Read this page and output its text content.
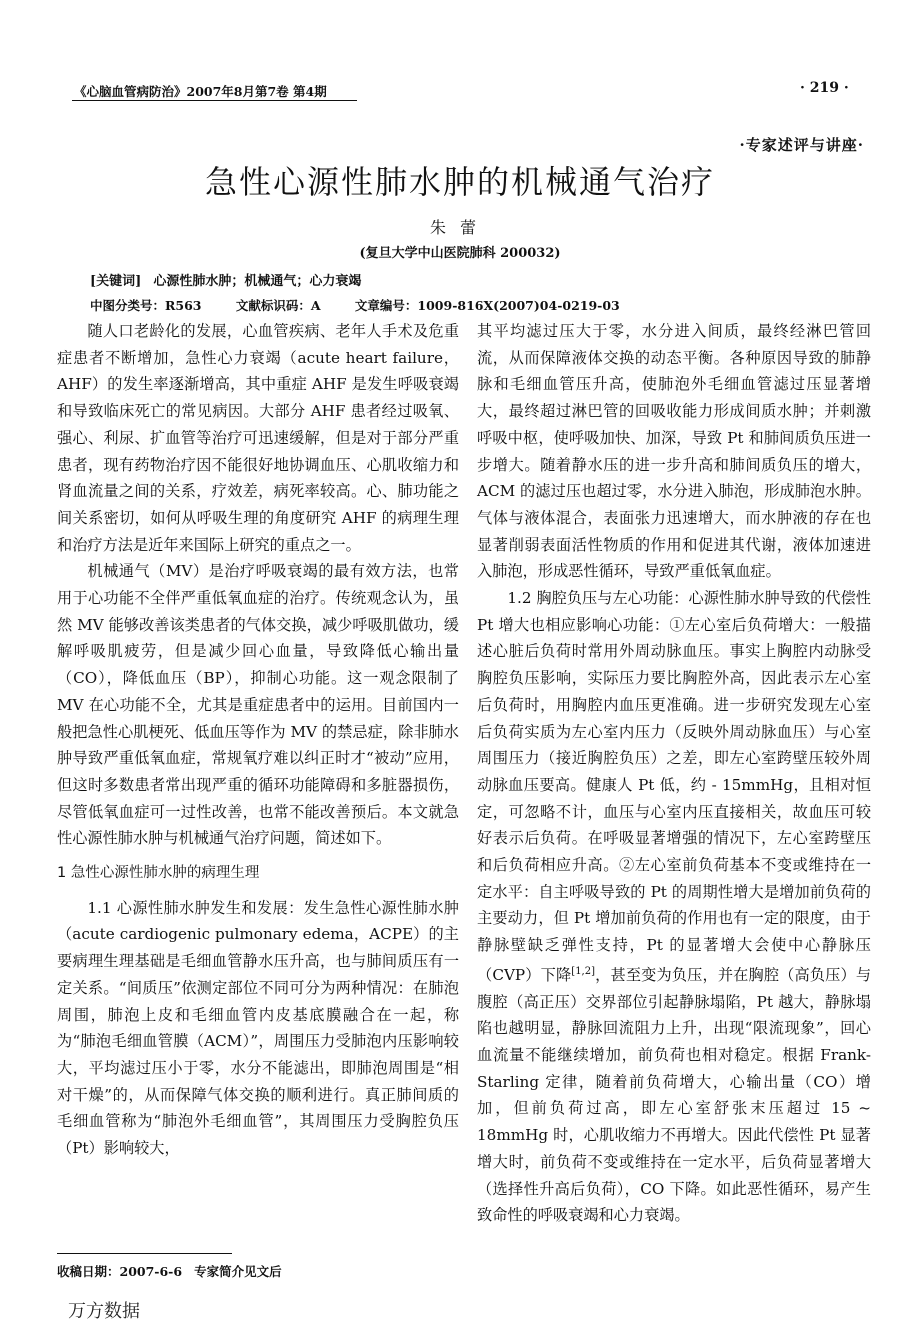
《心脑血管病防治》2007年8月第7卷 第4期	· 219 ·
·专家述评与讲座·
急性心源性肺水肿的机械通气治疗
朱蕾
(复旦大学中山医院肺科 200032)
[关键词] 心源性肺水肿；机械通气；心力衰竭
中图分类号：R563	文献标识码：A	文章编号：1009-816X(2007)04-0219-03

随人口老龄化的发展，心血管疾病、老年人手术及危重症患者不断增加，急性心力衰竭（acute heart failure，AHF）的发生率逐渐增高，其中重症 AHF 是发生呼吸衰竭和导致临床死亡的常见病因。大部分 AHF 患者经过吸氧、强心、利尿、扩血管等治疗可迅速缓解，但是对于部分严重患者，现有药物治疗因不能很好地协调血压、心肌收缩力和肾血流量之间的关系，疗效差，病死率较高。心、肺功能之间关系密切，如何从呼吸生理的角度研究 AHF 的病理生理和治疗方法是近年来国际上研究的重点之一。

机械通气（MV）是治疗呼吸衰竭的最有效方法，也常用于心功能不全伴严重低氧血症的治疗。传统观念认为，虽然 MV 能够改善该类患者的气体交换，减少呼吸肌做功，缓解呼吸肌疲劳，但是减少回心血量，导致降低心输出量（CO），降低血压（BP），抑制心功能。这一观念限制了 MV 在心功能不全，尤其是重症患者中的运用。目前国内一般把急性心肌梗死、低血压等作为 MV 的禁忌症，除非肺水肿导致严重低氧血症，常规氧疗难以纠正时才“被动”应用，但这时多数患者常出现严重的循环功能障碍和多脏器损伤，尽管低氧血症可一过性改善，也常不能改善预后。本文就急性心源性肺水肿与机械通气治疗问题，简述如下。

1 急性心源性肺水肿的病理生理

1.1 心源性肺水肿发生和发展：发生急性心源性肺水肿（acute cardiogenic pulmonary edema，ACPE）的主要病理生理基础是毛细血管静水压升高，也与肺间质压有一定关系。“间质压”依测定部位不同可分为两种情况：在肺泡周围，肺泡上皮和毛细血管内皮基底膜融合在一起，称为“肺泡毛细血管膜（ACM）”，周围压力受肺泡内压影响较大，平均滤过压小于零，水分不能滤出，即肺泡周围是“相对干燥”的，从而保障气体交换的顺利进行。真正肺间质的毛细血管称为“肺泡外毛细血管”，其周围压力受胸腔负压（Pt）影响较大，

其平均滤过压大于零，水分进入间质，最终经淋巴管回流，从而保障液体交换的动态平衡。各种原因导致的肺静脉和毛细血管压升高，使肺泡外毛细血管滤过压显著增大，最终超过淋巴管的回吸收能力形成间质水肿；并刺激呼吸中枢，使呼吸加快、加深，导致 Pt 和肺间质负压进一步增大。随着静水压的进一步升高和肺间质负压的增大，ACM 的滤过压也超过零，水分进入肺泡，形成肺泡水肿。气体与液体混合，表面张力迅速增大，而水肿液的存在也显著削弱表面活性物质的作用和促进其代谢，液体加速进入肺泡，形成恶性循环，导致严重低氧血症。

1.2 胸腔负压与左心功能：心源性肺水肿导致的代偿性 Pt 增大也相应影响心功能：①左心室后负荷增大：一般描述心脏后负荷时常用外周动脉血压。事实上胸腔内动脉受胸腔负压影响，实际压力要比胸腔外高，因此表示左心室后负荷时，用胸腔内血压更准确。进一步研究发现左心室后负荷实质为左心室内压力（反映外周动脉血压）与心室周围压力（接近胸腔负压）之差，即左心室跨壁压较外周动脉血压要高。健康人 Pt 低，约 - 15mmHg，且相对恒定，可忽略不计，血压与心室内压直接相关，故血压可较好表示后负荷。在呼吸显著增强的情况下，左心室跨壁压和后负荷相应升高。②左心室前负荷基本不变或维持在一定水平：自主呼吸导致的 Pt 的周期性增大是增加前负荷的主要动力，但 Pt 增加前负荷的作用也有一定的限度，由于静脉壁缺乏弹性支持，Pt 的显著增大会使中心静脉压（CVP）下降[1,2]，甚至变为负压，并在胸腔（高负压）与腹腔（高正压）交界部位引起静脉塌陷，Pt 越大，静脉塌陷也越明显，静脉回流阻力上升，出现“限流现象”，回心血流量不能继续增加，前负荷也相对稳定。根据 Frank-Starling 定律，随着前负荷增大，心输出量（CO）增加，但前负荷过高，即左心室舒张末压超过 15 ~ 18mmHg 时，心肌收缩力不再增大。因此代偿性 Pt 显著增大时，前负荷不变或维持在一定水平，后负荷显著增大（选择性升高后负荷），CO 下降。如此恶性循环，易产生致命性的呼吸衰竭和心力衰竭。

收稿日期：2007-6-6 专家简介见文后
万方数据
